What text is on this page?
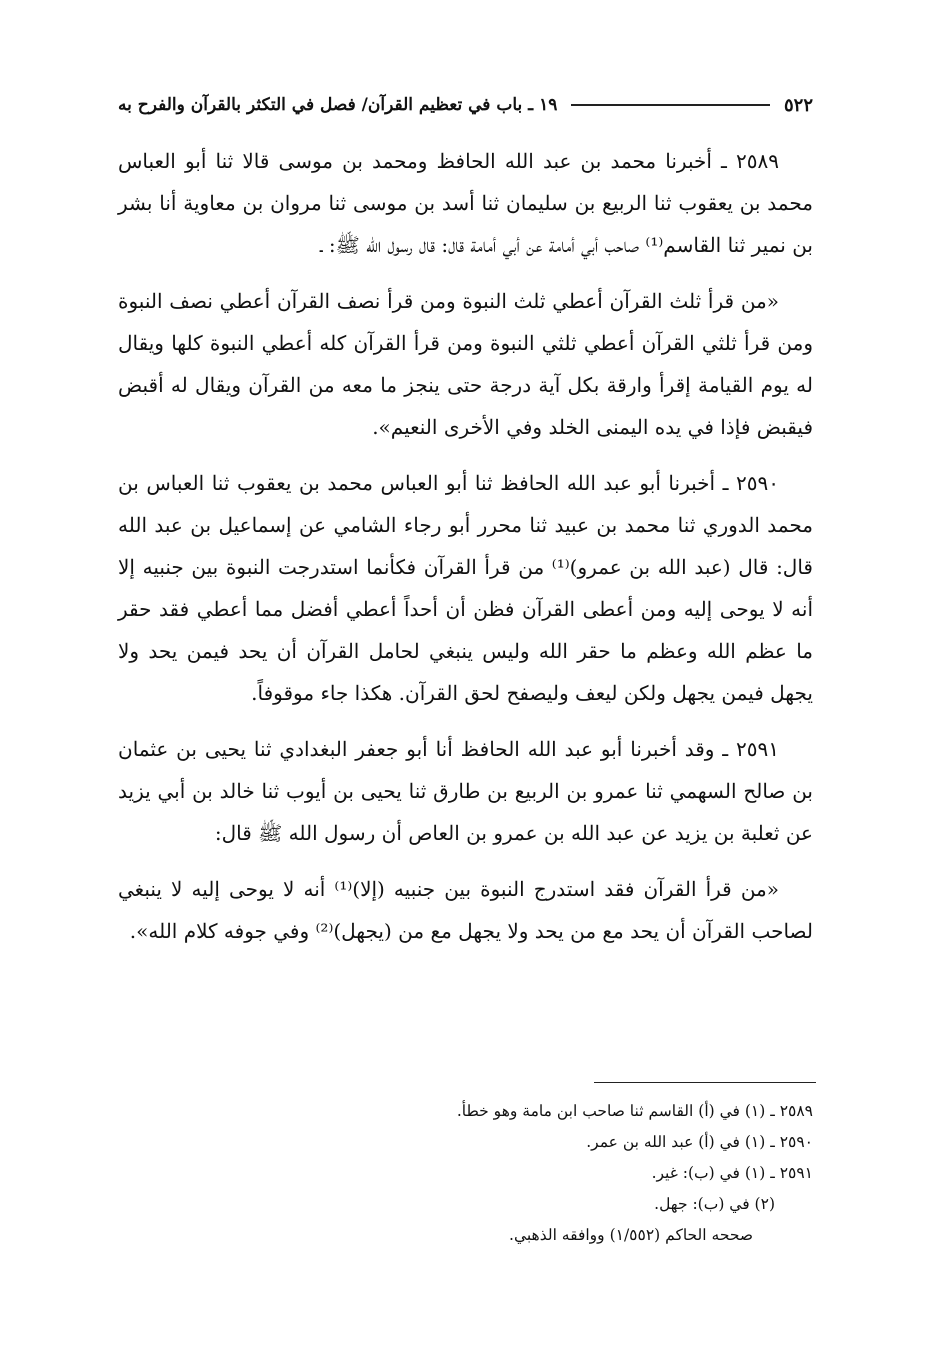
٥٢٢
١٩ ـ باب في تعظيم القرآن/ فصل في التكثر بالقرآن والفرح به

٢٥٨٩ ـ أخبرنا محمد بن عبد الله الحافظ ومحمد بن موسى قالا ثنا أبو العباس محمد بن يعقوب ثنا الربيع بن سليمان ثنا أسد بن موسى ثنا مروان بن معاوية أنا بشر بن نمير ثنا القاسم⁽¹⁾ صاحب أبي أمامة عن أبي أمامة قال: قال رسول الله ﷺ: ـ

«من قرأ ثلث القرآن أعطي ثلث النبوة ومن قرأ نصف القرآن أعطي نصف النبوة ومن قرأ ثلثي القرآن أعطي ثلثي النبوة ومن قرأ القرآن كله أعطي النبوة كلها ويقال له يوم القيامة إقرأ وارقة بكل آية درجة حتى ينجز ما معه من القرآن ويقال له أقبض فيقبض فإذا في يده اليمنى الخلد وفي الأخرى النعيم».

٢٥٩٠ ـ أخبرنا أبو عبد الله الحافظ ثنا أبو العباس محمد بن يعقوب ثنا العباس بن محمد الدوري ثنا محمد بن عبيد ثنا محرر أبو رجاء الشامي عن إسماعيل بن عبد الله قال: قال (عبد الله بن عمرو)⁽¹⁾ من قرأ القرآن فكأنما استدرجت النبوة بين جنبيه إلا أنه لا يوحى إليه ومن أعطى القرآن فظن أن أحداً أعطي أفضل مما أعطي فقد حقر ما عظم الله وعظم ما حقر الله وليس ينبغي لحامل القرآن أن يحد فيمن يحد ولا يجهل فيمن يجهل ولكن ليعف وليصفح لحق القرآن. هكذا جاء موقوفاً.

٢٥٩١ ـ وقد أخبرنا أبو عبد الله الحافظ أنا أبو جعفر البغدادي ثنا يحيى بن عثمان بن صالح السهمي ثنا عمرو بن الربيع بن طارق ثنا يحيى بن أيوب ثنا خالد بن أبي يزيد عن ثعلبة بن يزيد عن عبد الله بن عمرو بن العاص أن رسول الله ﷺ قال:

«من قرأ القرآن فقد استدرج النبوة بين جنبيه (إلا)⁽¹⁾ أنه لا يوحى إليه لا ينبغي لصاحب القرآن أن يحد مع من يحد ولا يجهل مع من (يجهل)⁽²⁾ وفي جوفه كلام الله».

٢٥٨٩ ـ (١) في (أ) القاسم ثنا صاحب ابن مامة وهو خطأ.
٢٥٩٠ ـ (١) في (أ) عبد الله بن عمر.
٢٥٩١ ـ (١) في (ب): غير.
(٢) في (ب): جهل.
صححه الحاكم (١/٥٥٢) ووافقه الذهبي.
